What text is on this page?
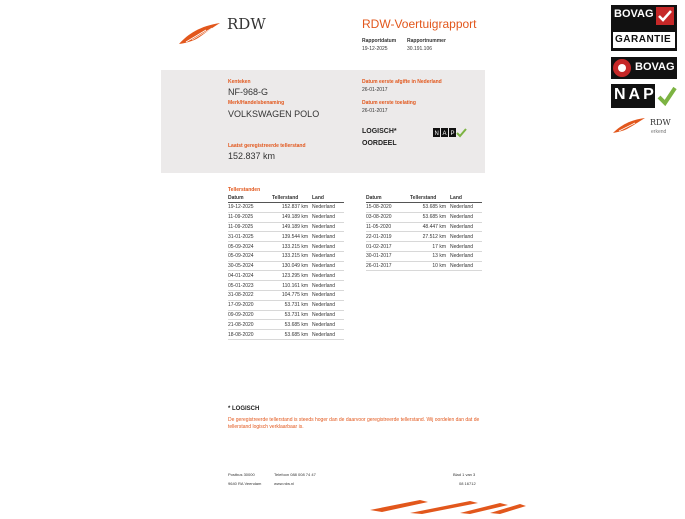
RDW	RDW-Voertuigrapport
Rapportdatum
19-12-2025
Rapportnummer
30.191.106
Kenteken
NF-968-G
Merk/Handelsbenaming
VOLKSWAGEN POLO
Laatst geregistreerde tellerstand
152.837 km
Datum eerste afgifte in Nederland
26-01-2017
Datum eerste toelating
26-01-2017
LOGISCH*
OORDEEL
N A P
Tellerstanden
Datum	Tellerstand	Land
19-12-2025	152.837 km	Nederland
11-09-2025	149.189 km	Nederland
11-09-2025	149.189 km	Nederland
31-01-2025	139.544 km	Nederland
05-09-2024	133.215 km	Nederland
05-09-2024	133.215 km	Nederland
30-05-2024	130.049 km	Nederland
04-01-2024	123.295 km	Nederland
05-01-2023	110.161 km	Nederland
31-08-2022	104.775 km	Nederland
17-09-2020	53.731 km	Nederland
09-09-2020	53.731 km	Nederland
21-08-2020	53.685 km	Nederland
18-08-2020	53.685 km	Nederland
Datum	Tellerstand	Land
15-08-2020	53.685 km	Nederland
03-08-2020	53.685 km	Nederland
11-05-2020	48.447 km	Nederland
22-01-2019	27.512 km	Nederland
01-02-2017	17 km	Nederland
30-01-2017	13 km	Nederland
26-01-2017	10 km	Nederland
* LOGISCH
De geregistreerde tellerstand is steeds hoger dan de daarvoor geregistreerde tellerstand. Wij oordelen dan dat de tellerstand logisch verklaarbaar is.
Postbus 30000
9640 RA Veendam
Telefoon 088 008 74 47
www.rdw.nl
Blad 1 van 3
08 16712
BOVAG
GARANTIE
BOVAG
NAP
RDW
erkend
